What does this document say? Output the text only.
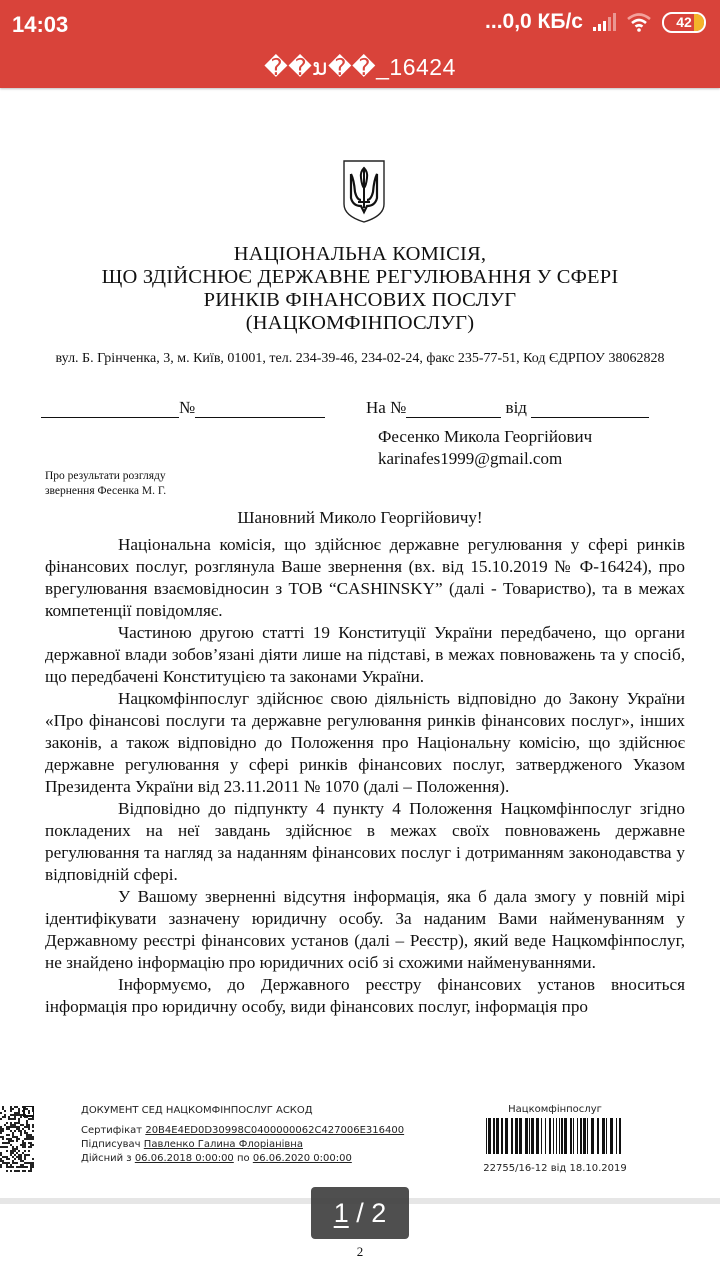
14:03	...0,0 КБ/с	42
��ນ��_16424
НАЦІОНАЛЬНА КОМІСІЯ,
ЩО ЗДІЙСНЮЄ ДЕРЖАВНЕ РЕГУЛЮВАННЯ У СФЕРІ
РИНКІВ ФІНАНСОВИХ ПОСЛУГ
(НАЦКОМФІНПОСЛУГ)
вул. Б. Грінченка, 3, м. Київ, 01001, тел. 234-39-46, 234-02-24, факс 235-77-51, Код ЄДРПОУ 38062828
№	На №	від
Фесенко Микола Георгійович
karinafes1999@gmail.com
Про результати розгляду
звернення Фесенка М. Г.
Шановний Миколо Георгійовичу!

Національна комісія, що здійснює державне регулювання у сфері ринків фінансових послуг, розглянула Ваше звернення (вх. від 15.10.2019 № Ф-16424), про врегулювання взаємовідносин з ТОВ “CASHINSKY” (далі - Товариство), та в межах компетенції повідомляє.

Частиною другою статті 19 Конституції України передбачено, що органи державної влади зобов’язані діяти лише на підставі, в межах повноважень та у спосіб, що передбачені Конституцією та законами України.

Нацкомфінпослуг здійснює свою діяльність відповідно до Закону України «Про фінансові послуги та державне регулювання ринків фінансових послуг», інших законів, а також відповідно до Положення про Національну комісію, що здійснює державне регулювання у сфері ринків фінансових послуг, затвердженого Указом Президента України від 23.11.2011 № 1070 (далі – Положення).

Відповідно до підпункту 4 пункту 4 Положення Нацкомфінпослуг згідно покладених на неї завдань здійснює в межах своїх повноважень державне регулювання та нагляд за наданням фінансових послуг і дотриманням законодавства у відповідній сфері.

У Вашому зверненні відсутня інформація, яка б дала змогу у повній мірі ідентифікувати зазначену юридичну особу. За наданим Вами найменуванням у Державному реєстрі фінансових установ (далі – Реєстр), який веде Нацкомфінпослуг, не знайдено інформацію про юридичних осіб зі схожими найменуваннями.

Інформуємо, до Державного реєстру фінансових установ вноситься інформація про юридичну особу, види фінансових послуг, інформація про

ДОКУМЕНТ СЕД НАЦКОМФІНПОСЛУГ АСКОД
Сертифікат 20B4E4ED0D30998C0400000062C427006E316400
Підписувач Павленко Галина Флоріанівна
Дійсний з 06.06.2018 0:00:00 по 06.06.2020 0:00:00
Нацкомфінпослуг
22755/16-12 від 18.10.2019
1 / 2
2
